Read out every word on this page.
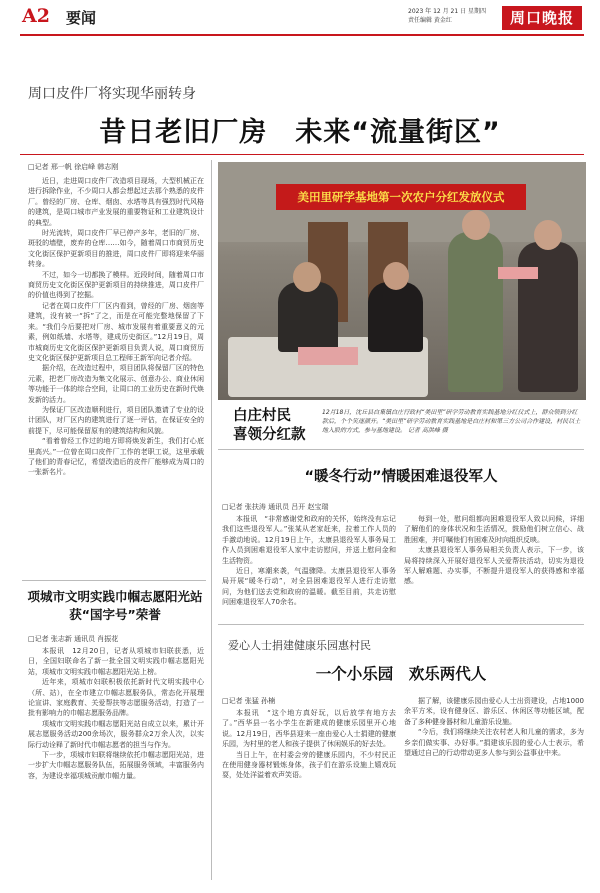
A2 要闻	2023 年 12 月 21 日 星期四
责任编辑 黄金红	周口晚报
周口皮件厂将实现华丽转身
昔日老旧厂房　未来“流量街区”
□记者 邢一帆 徐启峰 韩志刚

近日，走进周口皮件厂改造项目现场，大型机械正在进行拆除作业，不少周口人都会想起过去那个熟悉的皮件厂。曾经的厂房、仓库、烟囱、水塔等具有强烈时代风格的建筑，是周口城市产业发展的重要物证和工业建筑设计的典型。

时光流转，周口皮件厂早已停产多年，老旧的厂房、斑驳的墙壁，废弃的仓库……如今，随着周口市商贸历史文化街区保护更新项目的推进，周口皮件厂即将迎来华丽转身。

不过，如今一切都换了模样。近段时间，随着周口市商贸历史文化街区保护更新项目的持续推进，周口皮件厂的价值也得到了挖掘。

记者在周口皮件厂厂区内看到，曾经的厂房、烟囱等建筑，没有被一“拆”了之，而是在可能完整地保留了下来。“我们今后要把对厂房、城市发展有着重要意义的元素，例如纸墙、水塔等，建成历史街区。”12月19日，周市城商历史文化街区保护更新项目负责人说，周口商贸历史文化街区保护更新项目总工程师王新军向记者介绍。

据介绍，在改造过程中，项目团队将保留厂区的特色元素，把老厂房改造为集文化展示、创意办公、商业休闲等功能于一体的综合空间，让周口的工业历史在新时代焕发新的活力。

为保证厂区改造顺利进行，项目团队邀请了专业的设计团队，对厂区内的建筑进行了逐一评估，在保证安全的前提下，尽可能保留原有的建筑结构和风貌。

“看着曾经工作过的地方即将焕发新生，我们打心底里高兴。”一位曾在周口皮件厂工作的老职工说，这里承载了他们的青春记忆，希望改造后的皮件厂能够成为周口的一张新名片。

美田里研学基地第一次农户分红发放仪式
白庄村民
喜领分红款
12月18日，沈丘县白集镇白庄行政村“美田里”研学劳动教育实践基地分红仪式上，群众领到分红款后，个个笑逐颜开。“美田里”研学劳动教育实践基地是白庄村和第三方公司合作建设，村民以土地入股的方式，参与基地建设。 记者 高洪峰 摄
“暖冬行动”情暖困难退役军人
□记者 张扶涛 通讯员 吕开 赵宝瑞

本报讯　“非常感谢党和政府的关怀，始终没有忘记我们这些退役军人。”张某从老家赶来，拉着工作人员的手激动地说。12月19日上午，太康县退役军人事务局工作人员到困难退役军人家中走访慰问，并送上慰问金和生活物资。

近日，寒潮来袭，气温骤降。太康县退役军人事务局开展“暖冬行动”，对全县困难退役军人进行走访慰问，为他们送去党和政府的温暖。截至目前，共走访慰问困难退役军人70余名。

每到一处，慰问组都向困难退役军人致以问候，详细了解他们的身体状况和生活情况，鼓励他们树立信心、战胜困难，并叮嘱他们有困难及时向组织反映。

太康县退役军人事务局相关负责人表示，下一步，该局将持续深入开展好退役军人关爱帮扶活动，切实为退役军人解难题、办实事，不断提升退役军人的获得感和幸福感。

爱心人士捐建健康乐园惠村民
一个小乐园　欢乐两代人
□记者 张猛 孙楠

本报讯　“这个地方真好玩，以后放学有地方去了。”西华县一名小学生在新建成的健康乐园里开心地说。12月19日，西华县迎来一座由爱心人士捐建的健康乐园，为村里的老人和孩子提供了休闲娱乐的好去处。

当日上午，在村委会旁的健康乐园内，不少村民正在使用健身器材锻炼身体，孩子们在游乐设施上嬉戏玩耍，处处洋溢着欢声笑语。

据了解，该健康乐园由爱心人士出资建设，占地1000余平方米，设有健身区、游乐区、休闲区等功能区域，配备了多种健身器材和儿童游乐设施。

“今后，我们将继续关注农村老人和儿童的需求，多为乡亲们做实事、办好事。”捐建该乐园的爱心人士表示，希望通过自己的行动带动更多人参与到公益事业中来。

项城市文明实践巾帼志愿阳光站
获“国字号”荣誉
□记者 张志新 通讯员 肖振花

本报讯　12月20日，记者从项城市妇联获悉，近日，全国妇联命名了新一批全国文明实践巾帼志愿阳光站，项城市文明实践巾帼志愿阳光站上榜。

近年来，项城市妇联积极依托新时代文明实践中心（所、站），在全市建立巾帼志愿服务队，常态化开展理论宣讲、家庭教育、关爱帮扶等志愿服务活动，打造了一批有影响力的巾帼志愿服务品牌。

项城市文明实践巾帼志愿阳光站自成立以来，累计开展志愿服务活动200余场次，服务群众2万余人次，以实际行动诠释了新时代巾帼志愿者的担当与作为。

下一步，项城市妇联将继续依托巾帼志愿阳光站，进一步扩大巾帼志愿服务队伍，拓展服务领域，丰富服务内容，为建设幸福项城贡献巾帼力量。
